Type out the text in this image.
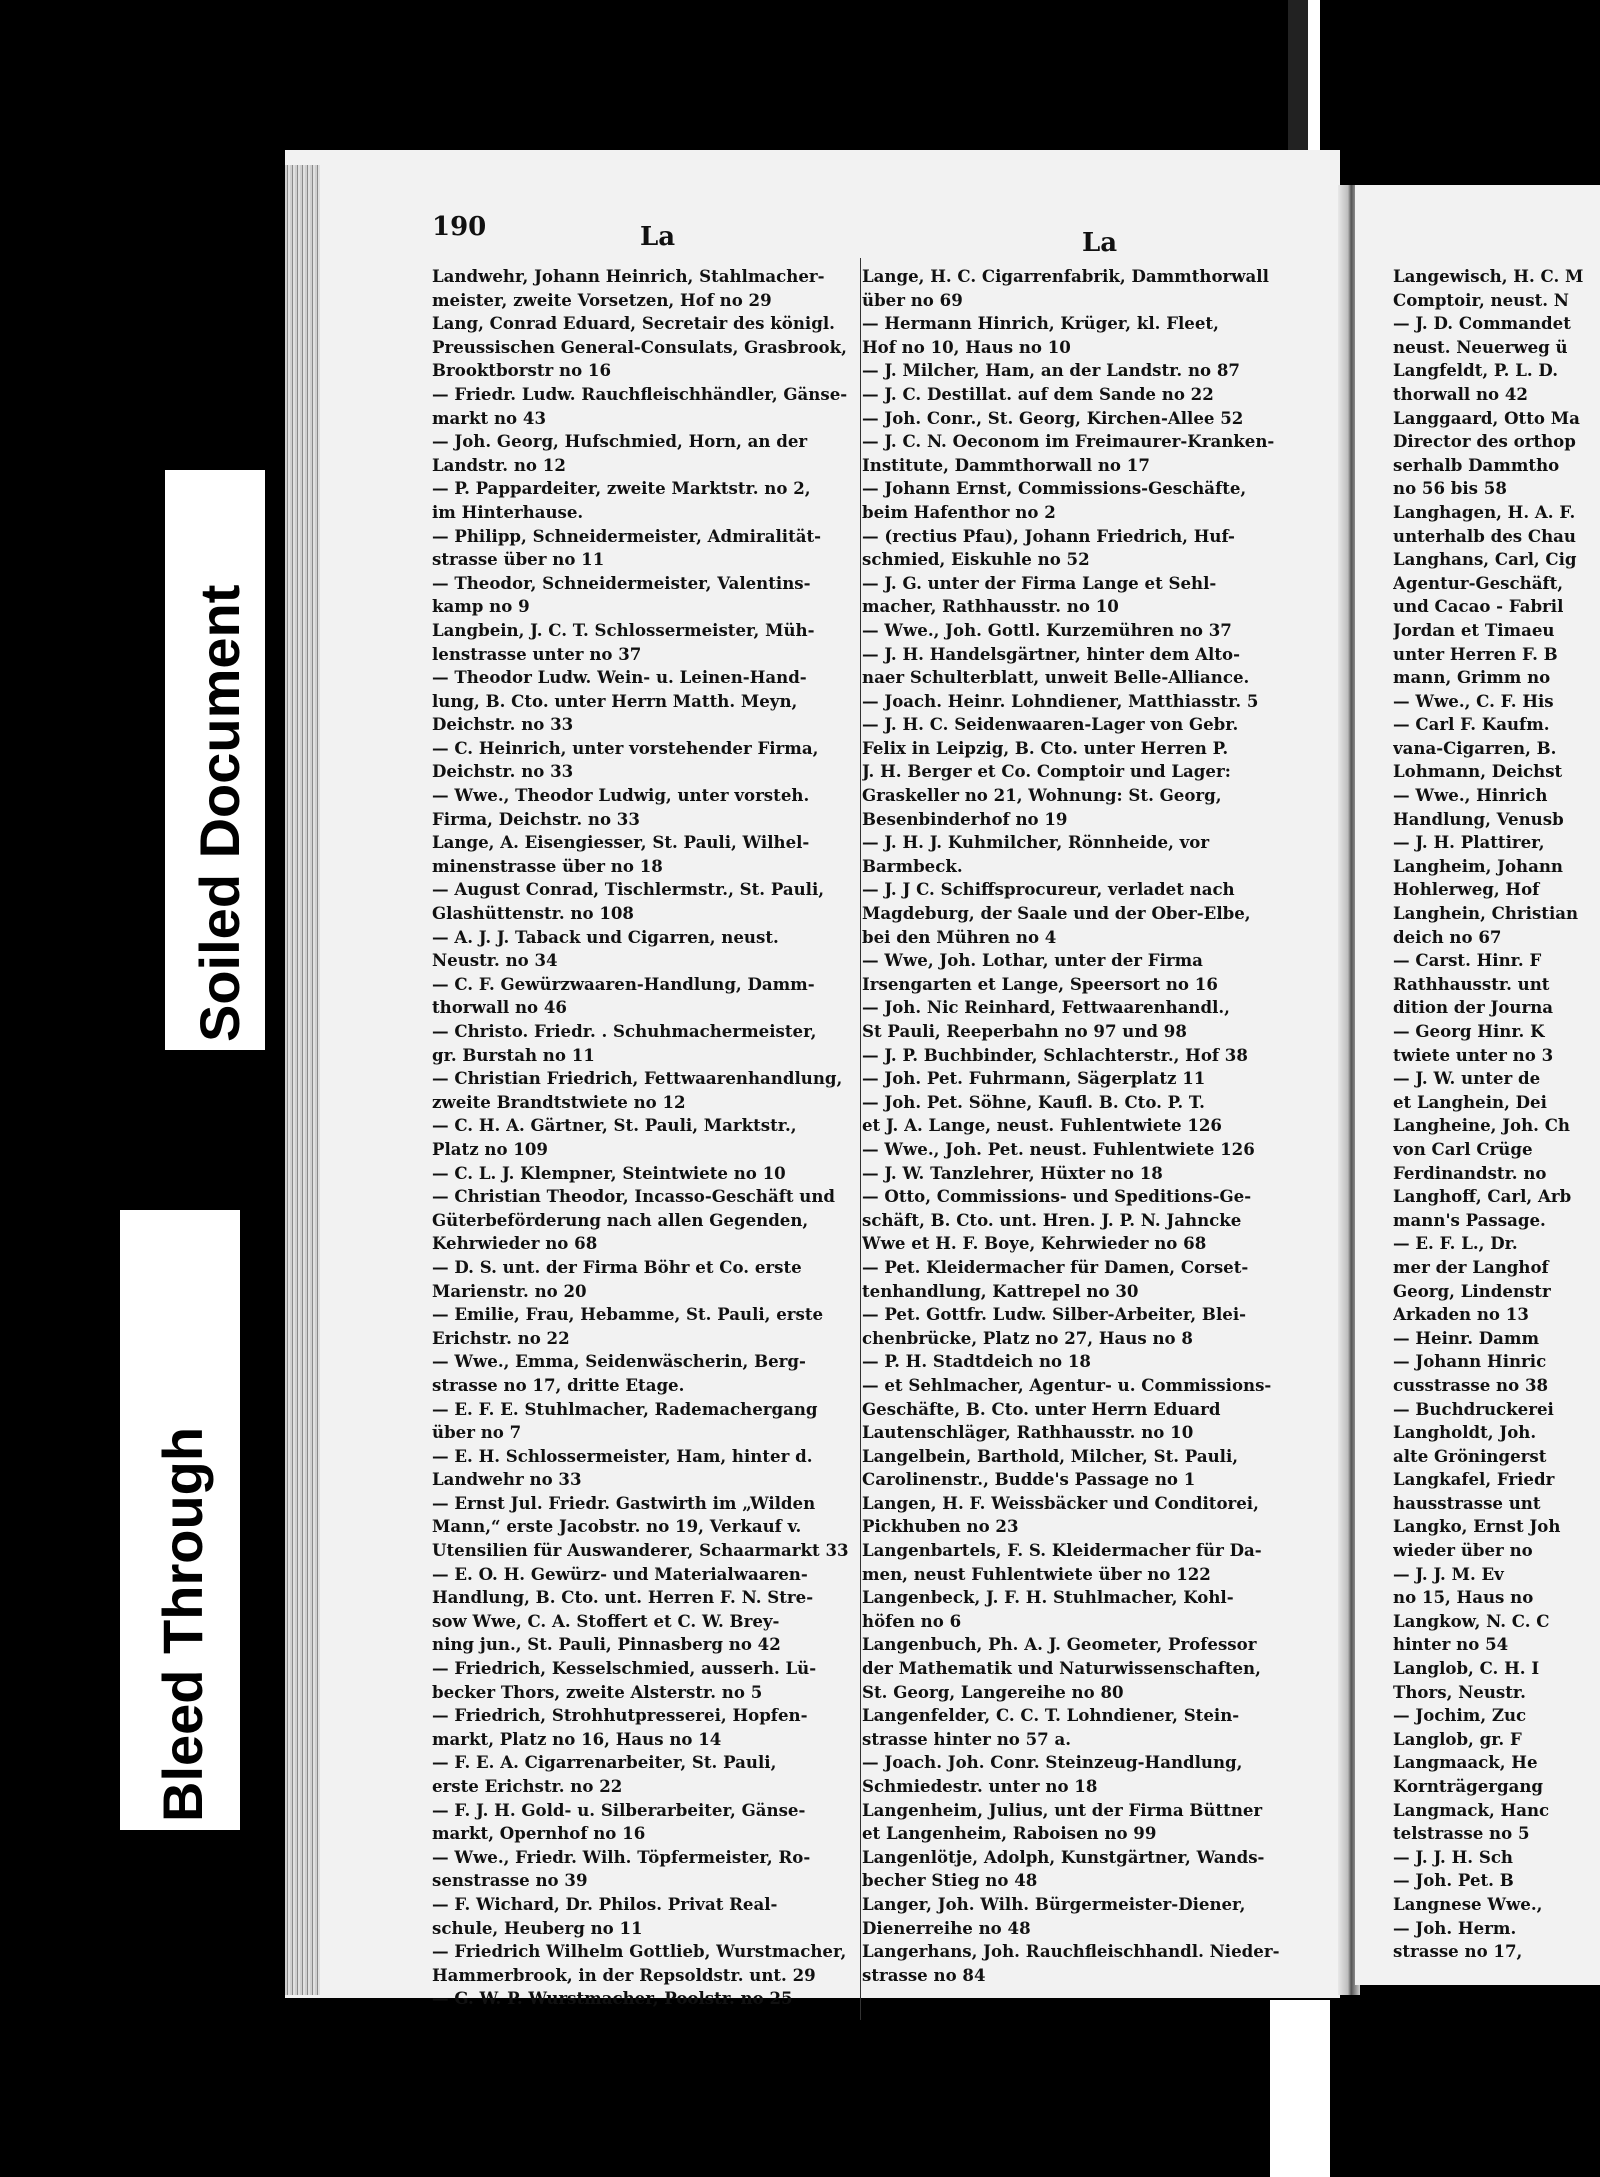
Soiled Document
Bleed Through
190	La	La
Landwehr, Johann Heinrich, Stahlmacher-
meister, zweite Vorsetzen, Hof no 29
Lang, Conrad Eduard, Secretair des königl.
Preussischen General-Consulats, Grasbrook,
Brooktborstr no 16
— Friedr. Ludw. Rauchfleischhändler, Gänse-
markt no 43
— Joh. Georg, Hufschmied, Horn, an der
Landstr. no 12
— P. Pappardeiter, zweite Marktstr. no 2,
im Hinterhause.
— Philipp, Schneidermeister, Admiralität-
strasse über no 11
— Theodor, Schneidermeister, Valentins-
kamp no 9
Langbein, J. C. T. Schlossermeister, Müh-
lenstrasse unter no 37
— Theodor Ludw. Wein- u. Leinen-Hand-
lung, B. Cto. unter Herrn Matth. Meyn,
Deichstr. no 33
— C. Heinrich, unter vorstehender Firma,
Deichstr. no 33
— Wwe., Theodor Ludwig, unter vorsteh.
Firma, Deichstr. no 33
Lange, A. Eisengiesser, St. Pauli, Wilhel-
minenstrasse über no 18
— August Conrad, Tischlermstr., St. Pauli,
Glashüttenstr. no 108
— A. J. J. Taback und Cigarren, neust.
Neustr. no 34
— C. F. Gewürzwaaren-Handlung, Damm-
thorwall no 46
— Christo. Friedr. . Schuhmachermeister,
gr. Burstah no 11
— Christian Friedrich, Fettwaarenhandlung,
zweite Brandtstwiete no 12
— C. H. A. Gärtner, St. Pauli, Marktstr.,
Platz no 109
— C. L. J. Klempner, Steintwiete no 10
— Christian Theodor, Incasso-Geschäft und
Güterbeförderung nach allen Gegenden,
Kehrwieder no 68
— D. S. unt. der Firma Böhr et Co. erste
Marienstr. no 20
— Emilie, Frau, Hebamme, St. Pauli, erste
Erichstr. no 22
— Wwe., Emma, Seidenwäscherin, Berg-
strasse no 17, dritte Etage.
— E. F. E. Stuhlmacher, Rademachergang
über no 7
— E. H. Schlossermeister, Ham, hinter d.
Landwehr no 33
— Ernst Jul. Friedr. Gastwirth im „Wilden
Mann,“ erste Jacobstr. no 19, Verkauf v.
Utensilien für Auswanderer, Schaarmarkt 33
— E. O. H. Gewürz- und Materialwaaren-
Handlung, B. Cto. unt. Herren F. N. Stre-
sow Wwe, C. A. Stoffert et C. W. Brey-
ning jun., St. Pauli, Pinnasberg no 42
— Friedrich, Kesselschmied, ausserh. Lü-
becker Thors, zweite Alsterstr. no 5
— Friedrich, Strohhutpresserei, Hopfen-
markt, Platz no 16, Haus no 14
— F. E. A. Cigarrenarbeiter, St. Pauli,
erste Erichstr. no 22
— F. J. H. Gold- u. Silberarbeiter, Gänse-
markt, Opernhof no 16
— Wwe., Friedr. Wilh. Töpfermeister, Ro-
senstrasse no 39
— F. Wichard, Dr. Philos. Privat Real-
schule, Heuberg no 11
— Friedrich Wilhelm Gottlieb, Wurstmacher,
Hammerbrook, in der Repsoldstr. unt. 29
— G. W. P. Wurstmacher, Poolstr. no 25
Lange, H. C. Cigarrenfabrik, Dammthorwall
über no 69
— Hermann Hinrich, Krüger, kl. Fleet,
Hof no 10, Haus no 10
— J. Milcher, Ham, an der Landstr. no 87
— J. C. Destillat. auf dem Sande no 22
— Joh. Conr., St. Georg, Kirchen-Allee 52
— J. C. N. Oeconom im Freimaurer-Kranken-
Institute, Dammthorwall no 17
— Johann Ernst, Commissions-Geschäfte,
beim Hafenthor no 2
— (rectius Pfau), Johann Friedrich, Huf-
schmied, Eiskuhle no 52
— J. G. unter der Firma Lange et Sehl-
macher, Rathhausstr. no 10
— Wwe., Joh. Gottl. Kurzemühren no 37
— J. H. Handelsgärtner, hinter dem Alto-
naer Schulterblatt, unweit Belle-Alliance.
— Joach. Heinr. Lohndiener, Matthiasstr. 5
— J. H. C. Seidenwaaren-Lager von Gebr.
Felix in Leipzig, B. Cto. unter Herren P.
J. H. Berger et Co. Comptoir und Lager:
Graskeller no 21, Wohnung: St. Georg,
Besenbinderhof no 19
— J. H. J. Kuhmilcher, Rönnheide, vor
Barmbeck.
— J. J C. Schiffsprocureur, verladet nach
Magdeburg, der Saale und der Ober-Elbe,
bei den Mühren no 4
— Wwe, Joh. Lothar, unter der Firma
Irsengarten et Lange, Speersort no 16
— Joh. Nic Reinhard, Fettwaarenhandl.,
St Pauli, Reeperbahn no 97 und 98
— J. P. Buchbinder, Schlachterstr., Hof 38
— Joh. Pet. Fuhrmann, Sägerplatz 11
— Joh. Pet. Söhne, Kaufl. B. Cto. P. T.
et J. A. Lange, neust. Fuhlentwiete 126
— Wwe., Joh. Pet. neust. Fuhlentwiete 126
— J. W. Tanzlehrer, Hüxter no 18
— Otto, Commissions- und Speditions-Ge-
schäft, B. Cto. unt. Hren. J. P. N. Jahncke
Wwe et H. F. Boye, Kehrwieder no 68
— Pet. Kleidermacher für Damen, Corset-
tenhandlung, Kattrepel no 30
— Pet. Gottfr. Ludw. Silber-Arbeiter, Blei-
chenbrücke, Platz no 27, Haus no 8
— P. H. Stadtdeich no 18
— et Sehlmacher, Agentur- u. Commissions-
Geschäfte, B. Cto. unter Herrn Eduard
Lautenschläger, Rathhausstr. no 10
Langelbein, Barthold, Milcher, St. Pauli,
Carolinenstr., Budde's Passage no 1
Langen, H. F. Weissbäcker und Conditorei,
Pickhuben no 23
Langenbartels, F. S. Kleidermacher für Da-
men, neust Fuhlentwiete über no 122
Langenbeck, J. F. H. Stuhlmacher, Kohl-
höfen no 6
Langenbuch, Ph. A. J. Geometer, Professor
der Mathematik und Naturwissenschaften,
St. Georg, Langereihe no 80
Langenfelder, C. C. T. Lohndiener, Stein-
strasse hinter no 57 a.
— Joach. Joh. Conr. Steinzeug-Handlung,
Schmiedestr. unter no 18
Langenheim, Julius, unt der Firma Büttner
et Langenheim, Raboisen no 99
Langenlötje, Adolph, Kunstgärtner, Wands-
becher Stieg no 48
Langer, Joh. Wilh. Bürgermeister-Diener,
Dienerreihe no 48
Langerhans, Joh. Rauchfleischhandl. Nieder-
strasse no 84
Langewisch, H. C. M
Comptoir, neust. N
— J. D. Commandet
neust. Neuerweg ü
Langfeldt, P. L. D.
thorwall no 42
Langgaard, Otto Ma
Director des orthop
serhalb Dammtho
no 56 bis 58
Langhagen, H. A. F.
unterhalb des Chau
Langhans, Carl, Cig
Agentur-Geschäft,
und Cacao - Fabril
Jordan et Timaeu
unter Herren F. B
mann, Grimm no
— Wwe., C. F. His
— Carl F. Kaufm.
vana-Cigarren, B.
Lohmann, Deichst
— Wwe., Hinrich
Handlung, Venusb
— J. H. Plattirer,
Langheim, Johann
Hohlerweg, Hof
Langhein, Christian
deich no 67
— Carst. Hinr. F
Rathhausstr. unt
dition der Journa
— Georg Hinr. K
twiete unter no 3
— J. W. unter de
et Langhein, Dei
Langheine, Joh. Ch
von Carl Crüge
Ferdinandstr. no
Langhoff, Carl, Arb
mann's Passage.
— E. F. L., Dr.
mer der Langhof
Georg, Lindenstr
Arkaden no 13
— Heinr. Damm
— Johann Hinric
cusstrasse no 38
— Buchdruckerei
Langholdt, Joh.
alte Gröningerst
Langkafel, Friedr
hausstrasse unt
Langko, Ernst Joh
wieder über no
— J. J. M. Ev
no 15, Haus no
Langkow, N. C. C
hinter no 54
Langlob, C. H. I
Thors, Neustr.
— Jochim, Zuc
Langlob, gr. F
Langmaack, He
Kornträgergang
Langmack, Hanc
telstrasse no 5
— J. J. H. Sch
— Joh. Pet. B
Langnese Wwe.,
— Joh. Herm.
strasse no 17,
